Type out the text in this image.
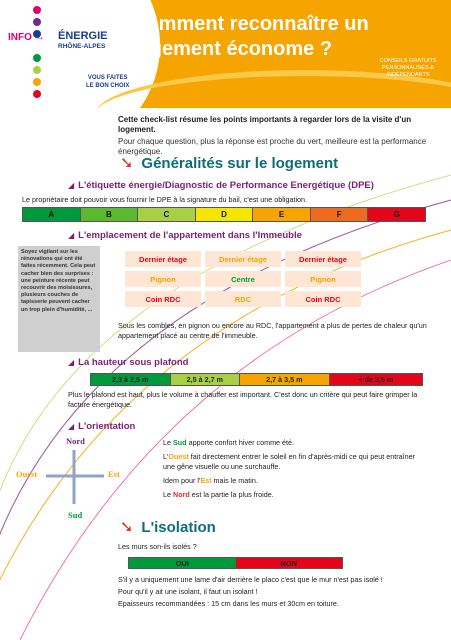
INFO → ÉNERGIE
RHÔNE-ALPES
VOUS FAITES
LE BON CHOIX
Comment reconnaître un logement économe ?
CONSEILS GRATUITS PERSONNALISÉS & INDÉPENDANTS
Cette check-list résume les points importants à regarder lors de la visite d'un logement.

Pour chaque question, plus la réponse est proche du vert, meilleure est la performance énergétique.

➘ Généralités sur le logement
◢ L'étiquette énergie/Diagnostic de Performance Energétique (DPE)
Le propriétaire doit pouvoir vous fournir le DPE à la signature du bail, c'est une obligation.
A	B	C	D	E	F	G
◢ L'emplacement de l'appartement dans l'Immeuble
Soyez vigilant sur les rénovations qui ont été faites récemment. Cela peut cacher bien des surprises : une peinture récente peut recouvrir des moisissures, plusieurs couches de tapisserie peuvent cacher un trop plein d'humidité, ...
Dernier étage	Dernier étage	Dernier étage
Pignon	Centre	Pignon
Coin RDC	RDC	Coin RDC
Sous les combles, en pignon ou encore au RDC, l'appartement a plus de pertes de chaleur qu'un appartement placé au centre de l'immeuble.
◢ La hauteur sous plafond
2,3 à 2,5 m	2,5 à 2,7 m	2,7 à 3,5 m	+ de 3,5 m
Plus le plafond est haut, plus le volume à chauffer est important. C'est donc un critère qui peut faire grimper la facture énergétique.
◢ L'orientation
Nord
Sud
Ouest	Est
Le Sud apporte confort hiver comme été.
L'Ouest fait directement entrer le soleil en fin d'après-midi ce qui peut entraîner une gêne visuelle ou une surchauffe.
Idem pour l'Est mais le matin.
Le Nord est la partie la plus froide.
➘ L'isolation
Les murs son-ils isolés ?
OUI	NON
S'il y a uniquement une lame d'air derrière le placo c'est que le mur n'est pas isolé !
Pour qu'il y ait une isolant, il faut un isolant !
Epaisseurs recommandées : 15 cm dans les murs et 30cm en toiture.
